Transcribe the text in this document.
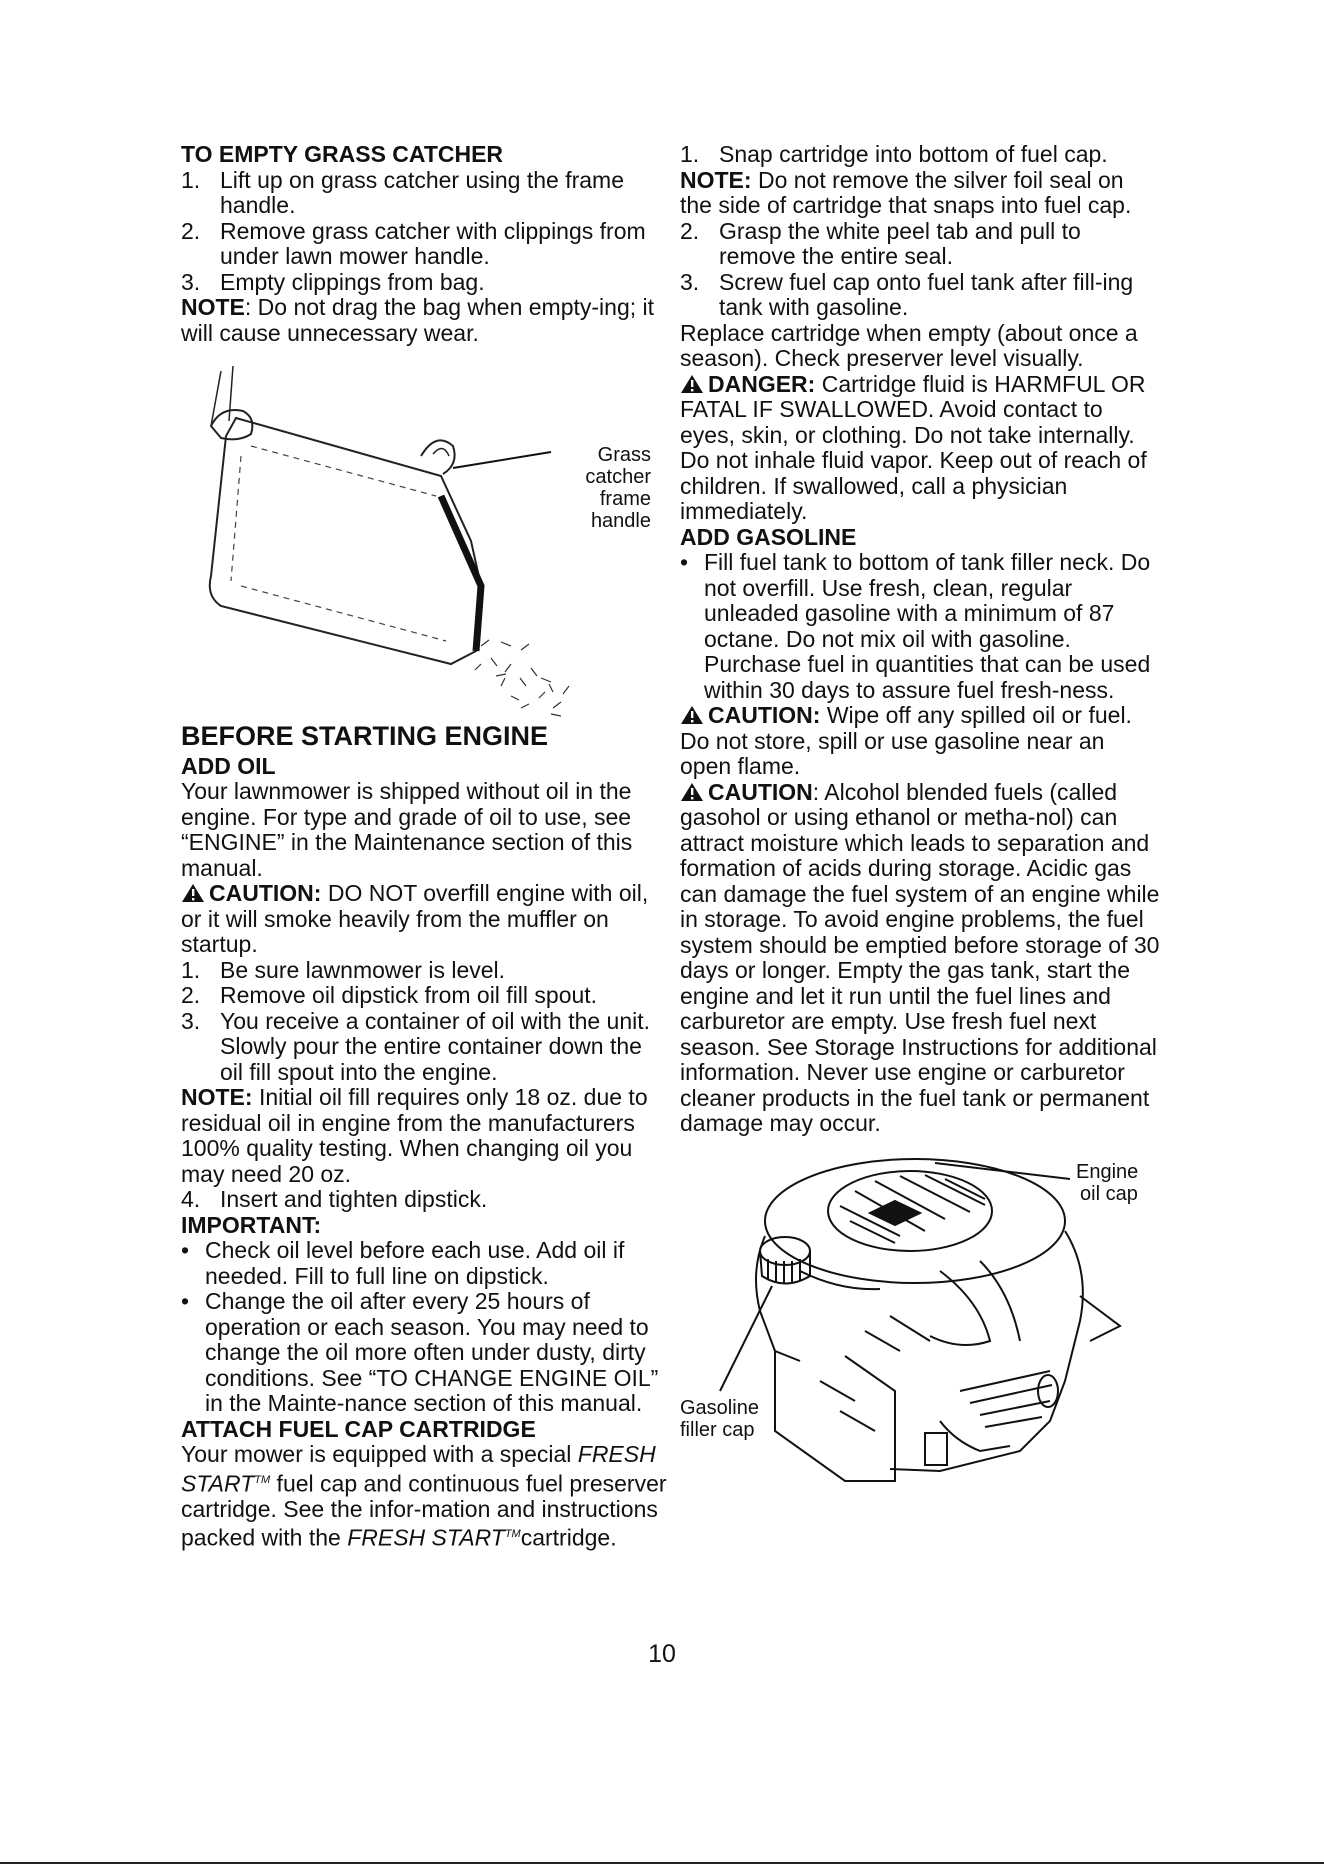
TO EMPTY GRASS CATCHER

1. Lift up on grass catcher using the frame handle.

2. Remove grass catcher with clippings from under lawn mower handle.

3. Empty clippings from bag.

NOTE: Do not drag the bag when empty-ing; it will cause unnecessary wear.

Grass
catcher
frame
handle

BEFORE STARTING ENGINE

ADD OIL

Your lawnmower is shipped without oil in the engine. For type and grade of oil to use, see “ENGINE” in the Maintenance section of this manual.

CAUTION: DO NOT overfill engine with oil, or it will smoke heavily from the muffler on startup.

1. Be sure lawnmower is level.

2. Remove oil dipstick from oil fill spout.

3. You receive a container of oil with the unit. Slowly pour the entire container down the oil fill spout into the engine.

NOTE: Initial oil fill requires only 18 oz. due to residual oil in engine from the manufacturers 100% quality testing. When changing oil you may need 20 oz.

4. Insert and tighten dipstick.

IMPORTANT:

• Check oil level before each use. Add oil if needed. Fill to full line on dipstick.

• Change the oil after every 25 hours of operation or each season. You may need to change the oil more often under dusty, dirty conditions. See “TO CHANGE ENGINE OIL” in the Mainte-nance section of this manual.

ATTACH FUEL CAP CARTRIDGE

Your mower is equipped with a special FRESH START™ fuel cap and continuous fuel preserver cartridge. See the infor-mation and instructions packed with the FRESH START™cartridge.

1. Snap cartridge into bottom of fuel cap.

NOTE: Do not remove the silver foil seal on the side of cartridge that snaps into fuel cap.

2. Grasp the white peel tab and pull to remove the entire seal.

3. Screw fuel cap onto fuel tank after fill-ing tank with gasoline.

Replace cartridge when empty (about once a season). Check preserver level visually.

DANGER: Cartridge fluid is HARMFUL OR FATAL IF SWALLOWED. Avoid contact to eyes, skin, or clothing. Do not take internally. Do not inhale fluid vapor. Keep out of reach of children. If swallowed, call a physician immediately.

ADD GASOLINE

• Fill fuel tank to bottom of tank filler neck. Do not overfill. Use fresh, clean, regular unleaded gasoline with a minimum of 87 octane. Do not mix oil with gasoline. Purchase fuel in quantities that can be used within 30 days to assure fuel fresh-ness.

CAUTION: Wipe off any spilled oil or fuel. Do not store, spill or use gasoline near an open flame.

CAUTION: Alcohol blended fuels (called gasohol or using ethanol or metha-nol) can attract moisture which leads to separation and formation of acids during storage. Acidic gas can damage the fuel system of an engine while in storage. To avoid engine problems, the fuel system should be emptied before storage of 30 days or longer. Empty the gas tank, start the engine and let it run until the fuel lines and carburetor are empty. Use fresh fuel next season. See Storage Instructions for additional information. Never use engine or carburetor cleaner products in the fuel tank or permanent damage may occur.

Engine
oil cap
Gasoline
filler cap
10
